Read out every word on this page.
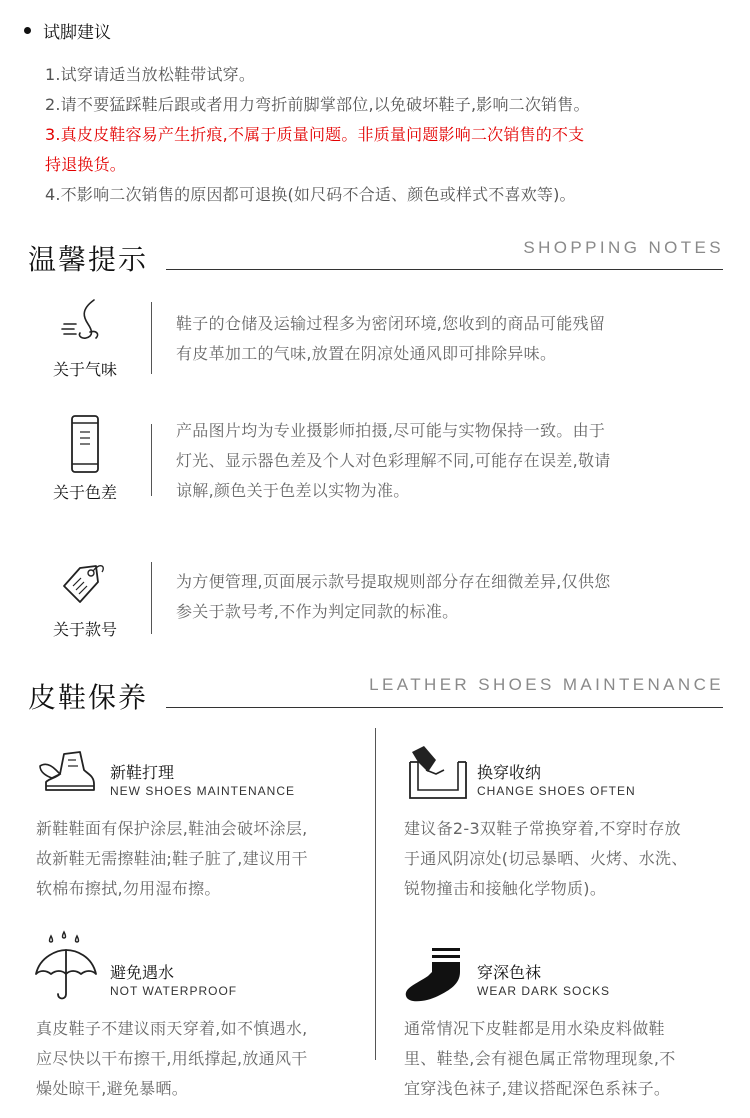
试脚建议

1.试穿请适当放松鞋带试穿。

2.请不要猛踩鞋后跟或者用力弯折前脚掌部位,以免破坏鞋子,影响二次销售。

3.真皮皮鞋容易产生折痕,不属于质量问题。非质量问题影响二次销售的不支

持退换货。

4.不影响二次销售的原因都可退换(如尺码不合适、颜色或样式不喜欢等)。

温馨提示	SHOPPING NOTES
关于气味
鞋子的仓储及运输过程多为密闭环境,您收到的商品可能残留
有皮革加工的气味,放置在阴凉处通风即可排除异味。
关于色差
产品图片均为专业摄影师拍摄,尽可能与实物保持一致。由于
灯光、显示器色差及个人对色彩理解不同,可能存在误差,敬请
谅解,颜色关于色差以实物为准。
关于款号
为方便管理,页面展示款号提取规则部分存在细微差异,仅供您
参关于款号考,不作为判定同款的标准。
皮鞋保养	LEATHER SHOES MAINTENANCE
新鞋打理
NEW SHOES MAINTENANCE
新鞋鞋面有保护涂层,鞋油会破坏涂层,
故新鞋无需擦鞋油;鞋子脏了,建议用干
软棉布擦拭,勿用湿布擦。
换穿收纳
CHANGE SHOES OFTEN
建议备2-3双鞋子常换穿着,不穿时存放
于通风阴凉处(切忌暴晒、火烤、水洗、
锐物撞击和接触化学物质)。
避免遇水
NOT WATERPROOF
真皮鞋子不建议雨天穿着,如不慎遇水,
应尽快以干布擦干,用纸撑起,放通风干
燥处晾干,避免暴晒。
穿深色袜
WEAR DARK SOCKS
通常情况下皮鞋都是用水染皮料做鞋
里、鞋垫,会有褪色属正常物理现象,不
宜穿浅色袜子,建议搭配深色系袜子。
